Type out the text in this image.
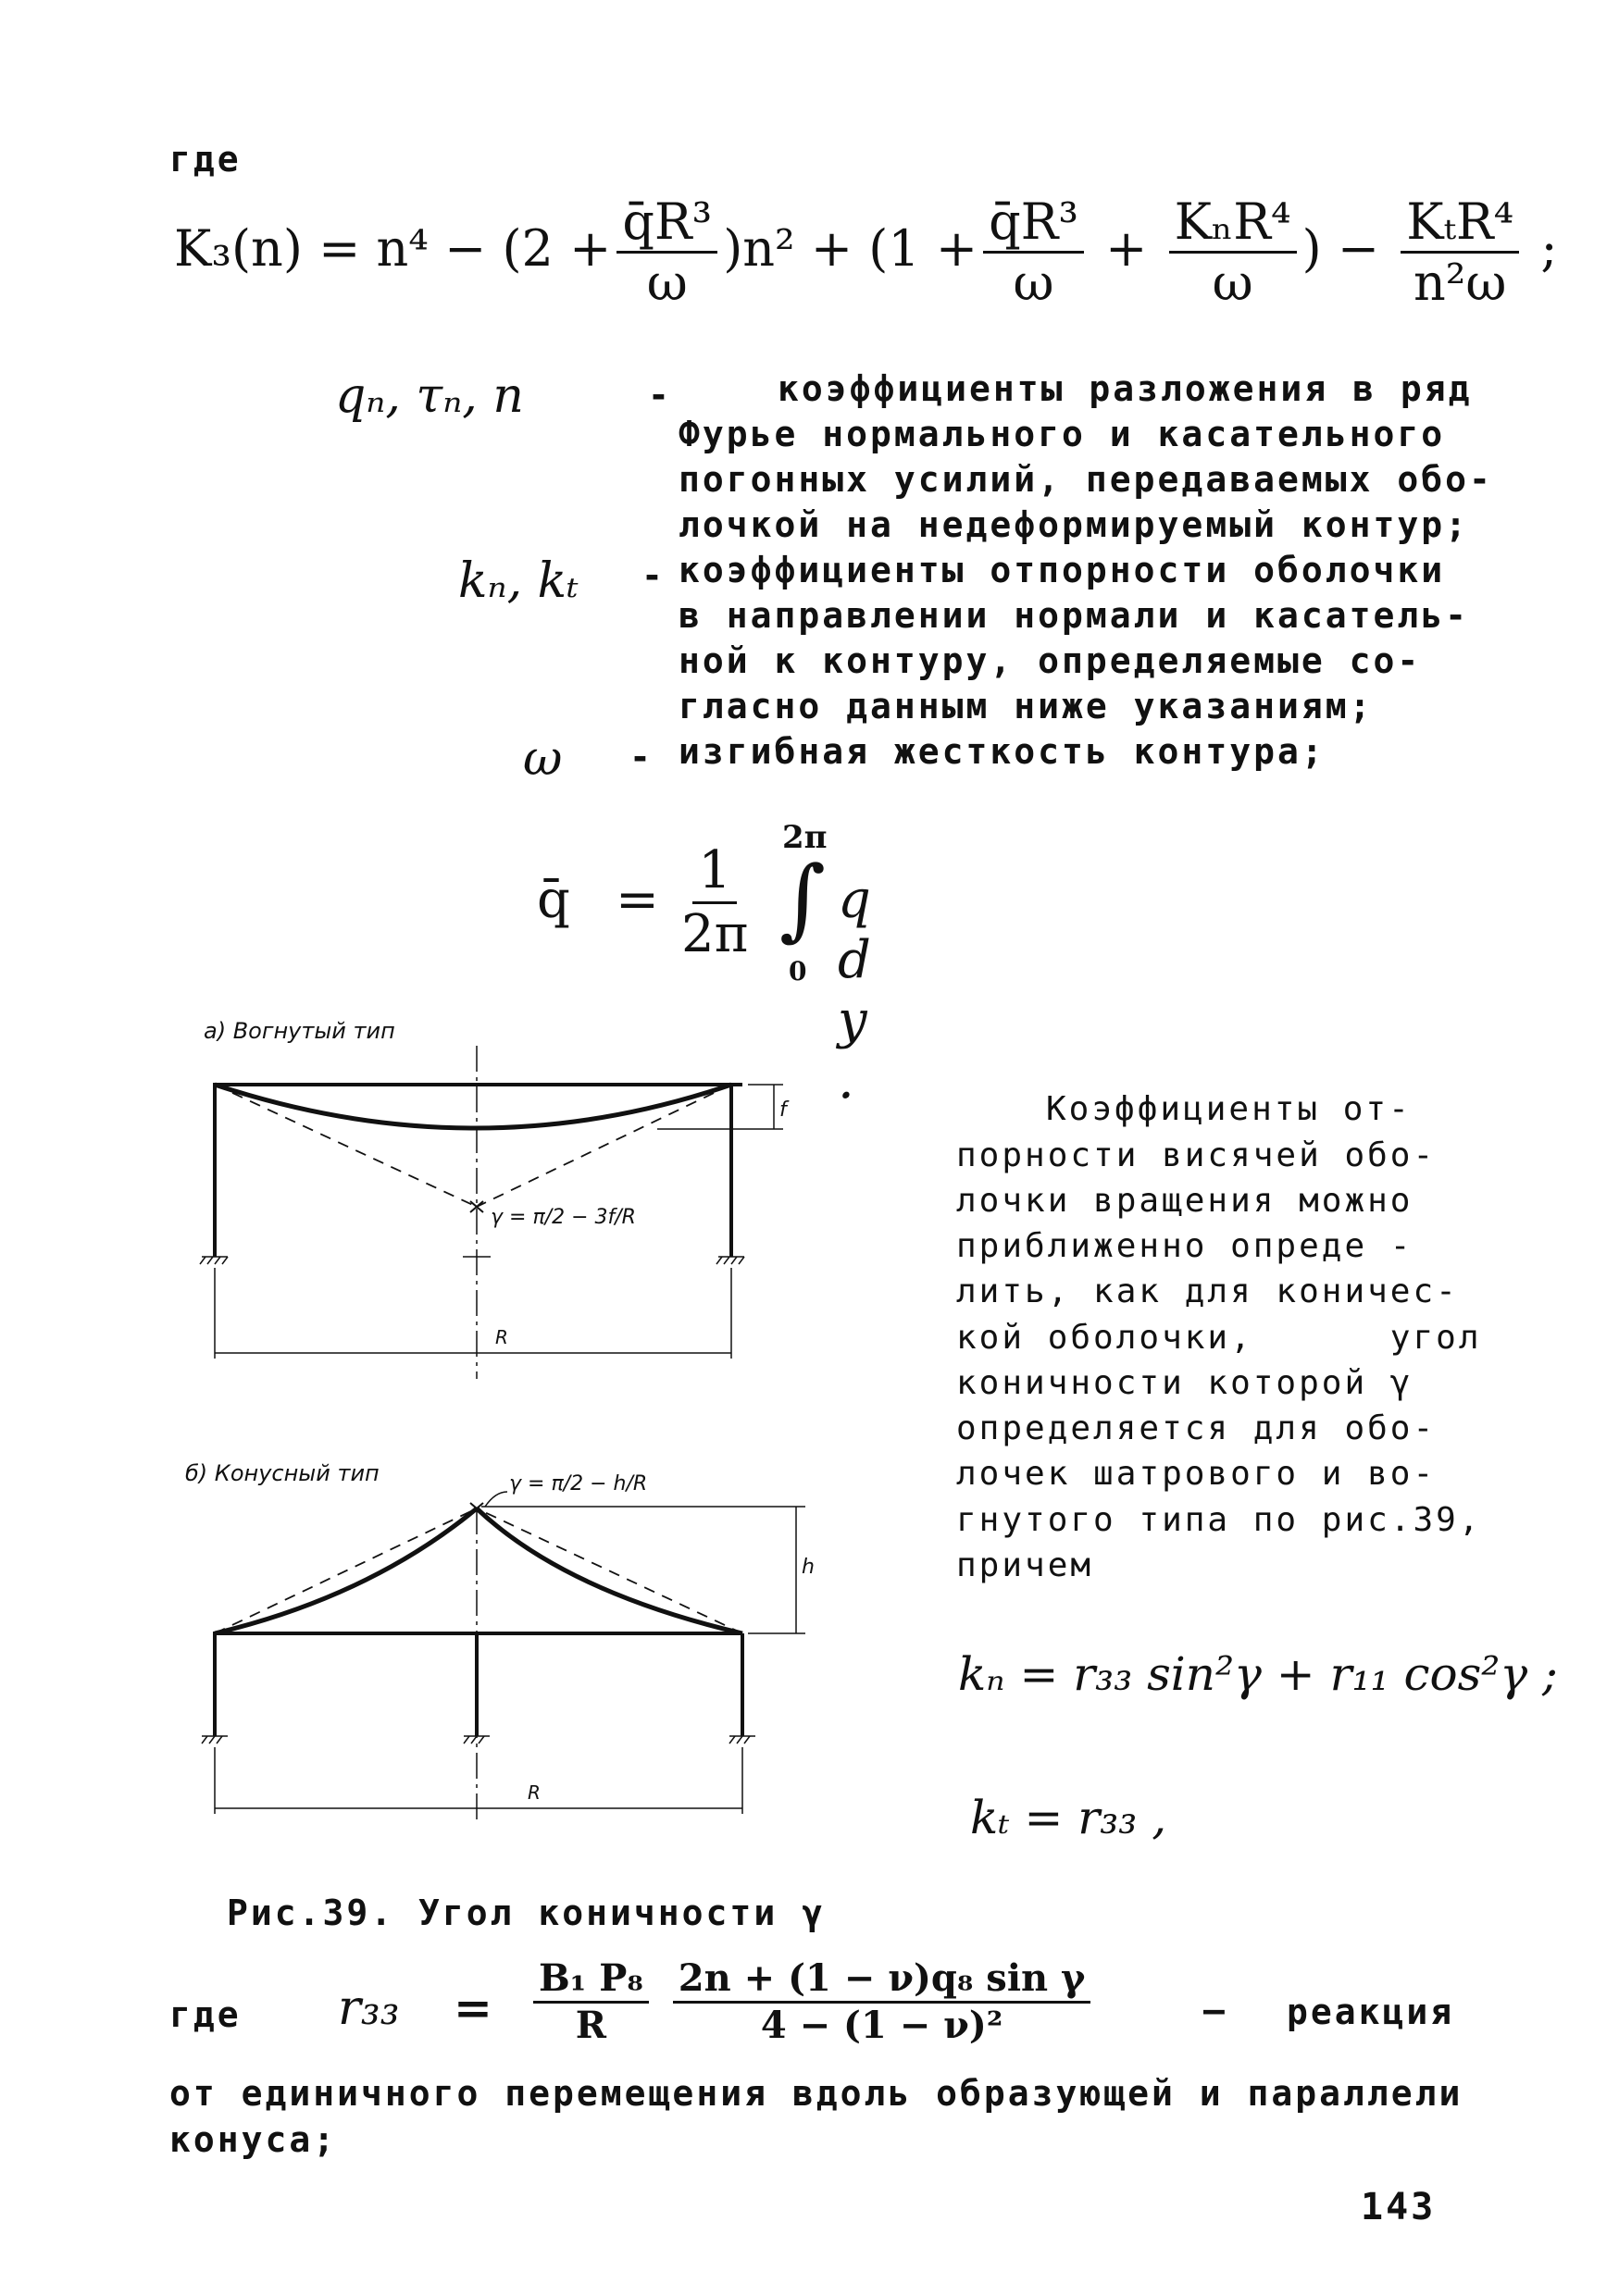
где
$K_3(n) = n^4 - (2 + \frac{\text{q̄R³}}{\omega} )n^2 + (1 + \frac{\text{q̄R³}}{\omega} + \frac{\text{KₙR⁴}}{\omega}$ ) − $\frac{\text{KₜR⁴}}{\text{n²ω}}$ ;
qₙ, τₙ, n	-	коэффициенты разложения в ряд
Фурье нормального и касательного
погонных усилий, передаваемых обо-
лочкой на недеформируемый контур;
kₙ, kₜ - коэффициенты отпорности оболочки
в направлении нормали и касатель-
ной к контуру, определяемые со-
гласно данным ниже указаниям;
ω - изгибная жесткость контура;
q̄ = $\frac{1}{2\pi}$
2π
∫
0
q d y .
а) Вогнутый тип
γ = π/2 − 3f/R
f
R
б) Конусный тип	γ = π/2 − h/R
h
R
Коэффициенты от-
порности висячей обо-
лочки вращения можно
приближенно опреде -
лить, как для коничес-
кой оболочки,      угол
коничности которой γ
определяется для обо-
лочек шатрового и во-
гнутого типа по рис.39,
причем
kₙ = r₃₃ sin²γ + r₁₁ cos²γ ;
kₜ = r₃₃ ,
Рис.39. Угол коничности γ
где $r_{33} = \frac{\text{B₁ P₈}}{R}$
$\frac{\text{2n + (1 − ν)q₈ sin γ}}{\text{4 − (1 − ν)²}}$	— реакция
от единичного перемещения вдоль образующей и параллели
конуса;
143
